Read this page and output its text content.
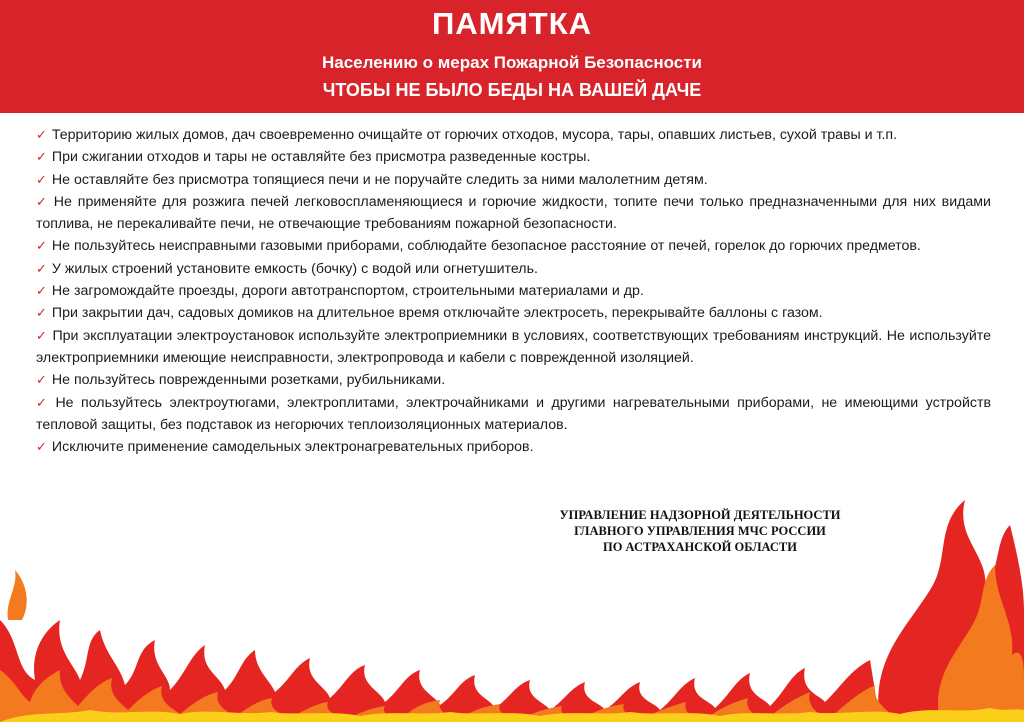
ПАМЯТКА
Населению о мерах Пожарной Безопасности
ЧТОБЫ НЕ БЫЛО БЕДЫ НА ВАШЕЙ ДАЧЕ
✓ Территорию жилых домов, дач своевременно очищайте от горючих отходов, мусора, тары, опавших листьев, сухой травы и т.п.
✓ При сжигании отходов и тары не оставляйте без присмотра разведенные костры.
✓ Не оставляйте без присмотра топящиеся печи и не поручайте следить за ними малолетним детям.
✓ Не применяйте для розжига печей легковоспламеняющиеся и горючие жидкости, топите печи только предназначенными для них видами топлива, не перекаливайте печи, не отвечающие требованиям пожарной безопасности.
✓ Не пользуйтесь неисправными газовыми приборами, соблюдайте безопасное расстояние от печей, горелок до горючих предметов.
✓ У жилых строений установите емкость (бочку) с водой или огнетушитель.
✓ Не загромождайте проезды, дороги автотранспортом, строительными материалами и др.
✓ При закрытии дач, садовых домиков на длительное время отключайте электросеть, перекрывайте баллоны с газом.
✓ При эксплуатации электроустановок используйте электроприемники в условиях, соответствующих требованиям инструкций. Не используйте электроприемники имеющие неисправности, электропровода и кабели с поврежденной изоляцией.
✓ Не пользуйтесь поврежденными розетками, рубильниками.
✓ Не пользуйтесь электроутюгами, электроплитами, электрочайниками и другими нагревательными приборами, не имеющими устройств тепловой защиты, без подставок из негорючих теплоизоляционных материалов.
✓ Исключите применение самодельных электронагревательных приборов.
УПРАВЛЕНИЕ НАДЗОРНОЙ ДЕЯТЕЛЬНОСТИ
ГЛАВНОГО УПРАВЛЕНИЯ МЧС РОССИИ
ПО АСТРАХАНСКОЙ ОБЛАСТИ
